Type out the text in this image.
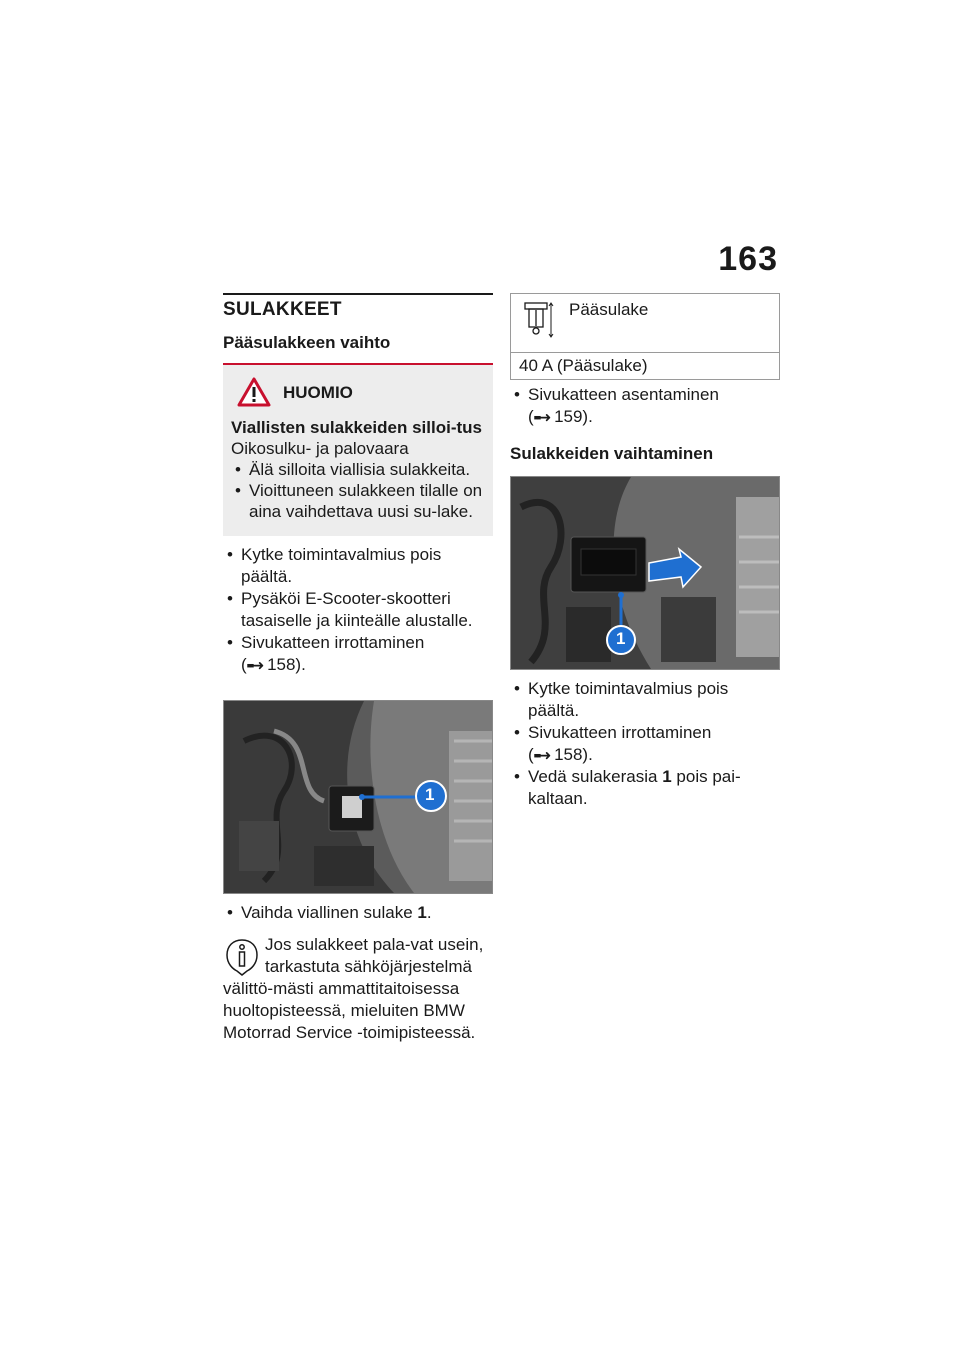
163
SULAKKEET
Pääsulakkeen vaihto
HUOMIO
Viallisten sulakkeiden silloi-tus
Oikosulku- ja palovaara
• Älä silloita viallisia sulakkeita.
• Vioittuneen sulakkeen tilalle on aina vaihdettava uusi su-lake.
• Kytke toimintavalmius pois päältä.
• Pysäköi E-Scooter-skootteri tasaiselle ja kiinteälle alustalle.
• Sivukatteen irrottaminen
(▪▪➜ 158).
1
• Vaihda viallinen sulake 1.
Jos sulakkeet pala-vat usein, tarkastuta sähköjärjestelmä välittö-mästi ammattitaitoisessa huoltopisteessä, mieluiten BMW Motorrad Service -toimipisteessä.
Pääsulake
40 A (Pääsulake)
• Sivukatteen asentaminen
(▪▪➜ 159).
Sulakkeiden vaihtaminen
1
• Kytke toimintavalmius pois päältä.
• Sivukatteen irrottaminen
(▪▪➜ 158).
• Vedä sulakerasia 1 pois pai-kaltaan.
